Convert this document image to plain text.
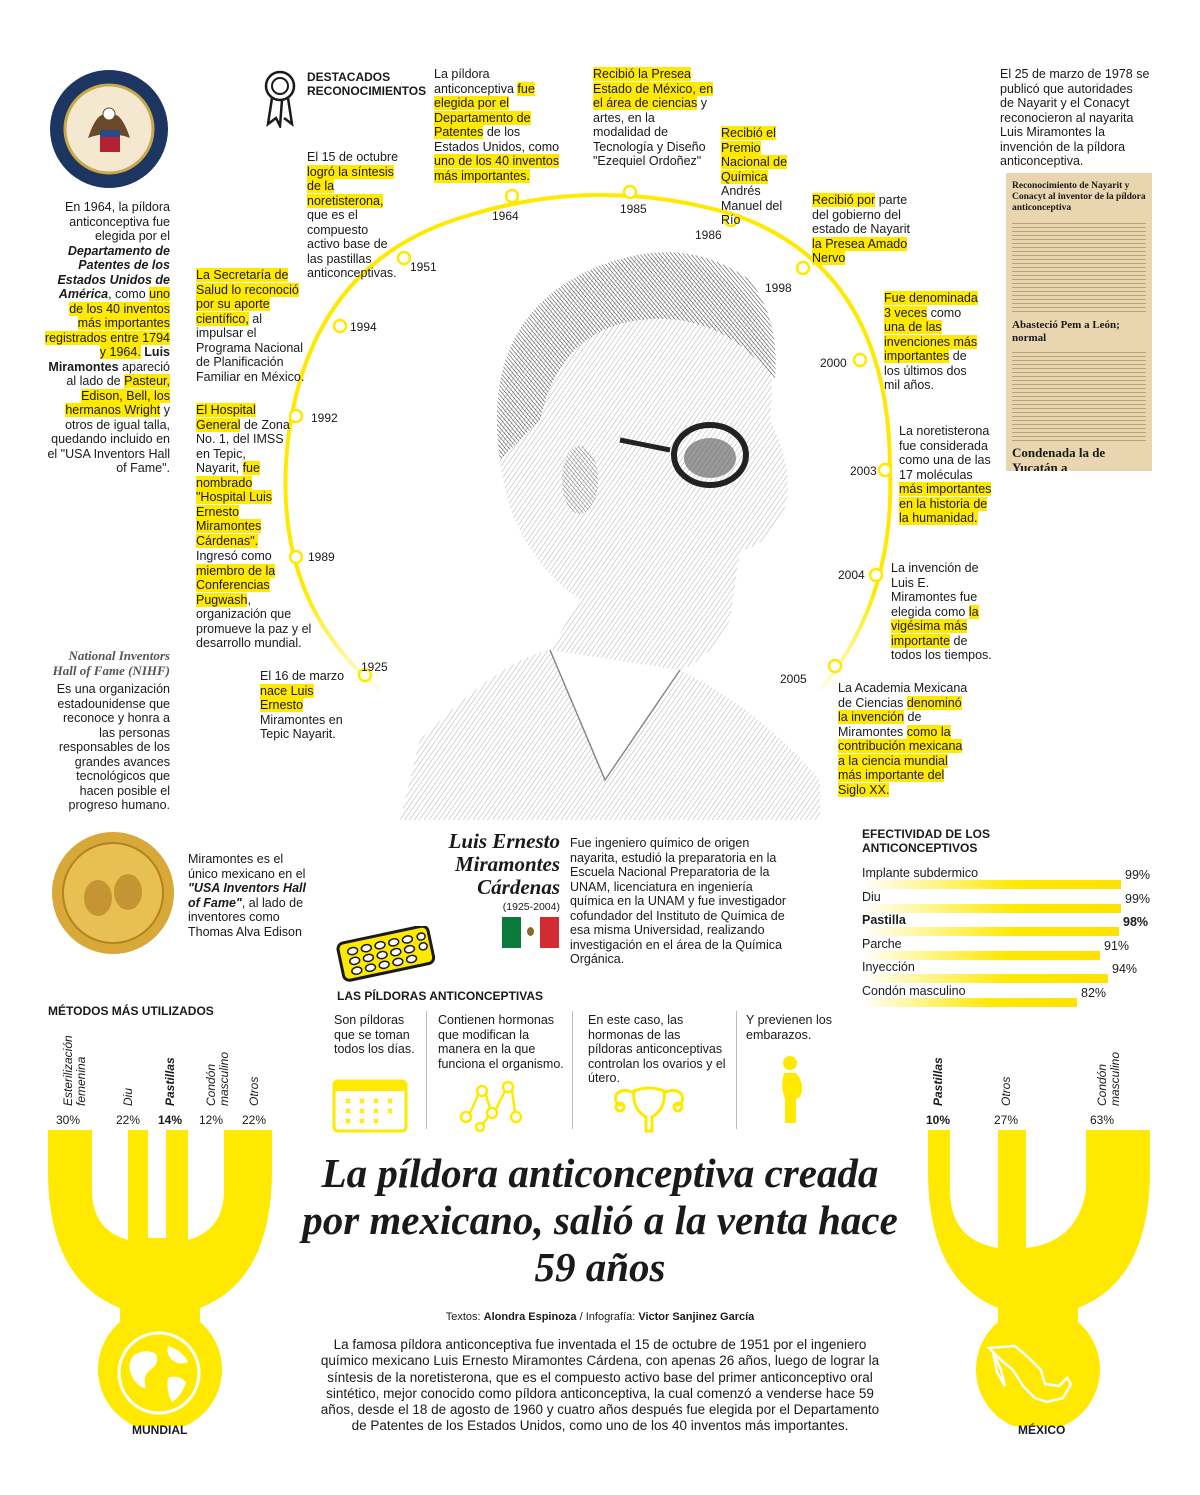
En 1964, la píldora anticonceptiva fue elegida por el Departamento de Patentes de los Estados Unidos de América, como uno de los 40 inventos más importantes registrados entre 1794 y 1964. Luis Miramontes apareció al lado de Pasteur, Edison, Bell, los hermanos Wright y otros de igual talla, quedando incluido en el "USA Inventors Hall of Fame".
National Inventors Hall of Fame (NIHF)
Es una organización estadounidense que reconoce y honra a las personas responsables de los grandes avances tecnológicos que hacen posible el progreso humano.
Miramontes es el único mexicano en el "USA Inventors Hall of Fame", al lado de inventores como Thomas Alva Edison
DESTACADOS
RECONOCIMIENTOS
1925
1989
1992
1994
1951
1964	1985
1986
1998
2000
2003
2004
2005
El 16 de marzo nace Luis Ernesto Miramontes en Tepic Nayarit.
Ingresó como miembro de la Conferencias Pugwash, organización que promueve la paz y el desarrollo mundial.
El Hospital General de Zona No. 1, del IMSS en Tepic, Nayarit, fue nombrado "Hospital Luis Ernesto Miramontes Cárdenas".
La Secretaría de Salud lo reconoció por su aporte científico, al impulsar el Programa Nacional de Planificación Familiar en México.
El 15 de octubre logró la síntesis de la noretisterona, que es el compuesto activo base de las pastillas anticonceptivas.
La píldora anticonceptiva fue elegida por el Departamento de Patentes de los Estados Unidos, como uno de los 40 inventos más importantes.
Recibió la Presea Estado de México, en el área de ciencias y artes, en la modalidad de Tecnología y Diseño "Ezequiel Ordoñez"
Recibió el Premio Nacional de Química Andrés Manuel del Río
Recibió por parte del gobierno del estado de Nayarit la Presea Amado Nervo
Fue denominada 3 veces como una de las invenciones más importantes de los últimos dos mil años.
La noretisterona fue considerada como una de las 17 moléculas más importantes en la historia de la humanidad.
La invención de Luis E. Miramontes fue elegida como la vigésima más importante de todos los tiempos.
La Academia Mexicana de Ciencias denominó la invención de Miramontes como la contribución mexicana a la ciencia mundial más importante del Siglo XX.
El 25 de marzo de 1978 se publicó que autoridades de Nayarit y el Conacyt reconocieron al nayarita Luis Miramontes la invención de la píldora anticonceptiva.
Reconocimiento de Nayarit y Conacyt al inventor de la píldora anticonceptiva
Abasteció Pem a León; normal
Condenada la de Yucatán a
Luis Ernesto Miramontes Cárdenas
(1925-2004)
Fue ingeniero químico de origen nayarita, estudió la preparatoria en la Escuela Nacional Preparatoria de la UNAM, licenciatura en ingeniería química en la UNAM y fue investigador cofundador del Instituto de Química de esa misma Universidad, realizando investigación en el área de la Química Orgánica.
EFECTIVIDAD DE LOS ANTICONCEPTIVOS
Implante subdermico	99%
Diu	99%
Pastilla	98%
Parche	91%
Inyección	94%
Condón masculino	82%
LAS PÍLDORAS ANTICONCEPTIVAS
Son píldoras que se toman todos los días.
Contienen hormonas que modifican la manera en la que funciona el organismo.
En este caso, las hormonas de las píldoras anticonceptivas controlan los ovarios y el útero.
Y previenen los embarazos.
MÉTODOS MÁS UTILIZADOS
Esterilización femenina
30%
Diu
22%
Pastillas
14%
Condón masculino
12%
Otros
22%
Pastillas
10%
Otros
27%
Condón masculino
63%
MUNDIAL	MÉXICO
La píldora anticonceptiva creada por mexicano, salió a la venta hace 59 años
Textos: Alondra Espinoza / Infografía: Victor Sanjinez García
La famosa píldora anticonceptiva fue inventada el 15 de octubre de 1951 por el ingeniero químico mexicano Luis Ernesto Miramontes Cárdena, con apenas 26 años, luego de lograr la síntesis de la noretisterona, que es el compuesto activo base del primer anticonceptivo oral sintético, mejor conocido como píldora anticonceptiva, la cual comenzó a venderse hace 59 años, desde el 18 de agosto de 1960 y cuatro años después fue elegida por el Departamento de Patentes de los Estados Unidos, como uno de los 40 inventos más importantes.
